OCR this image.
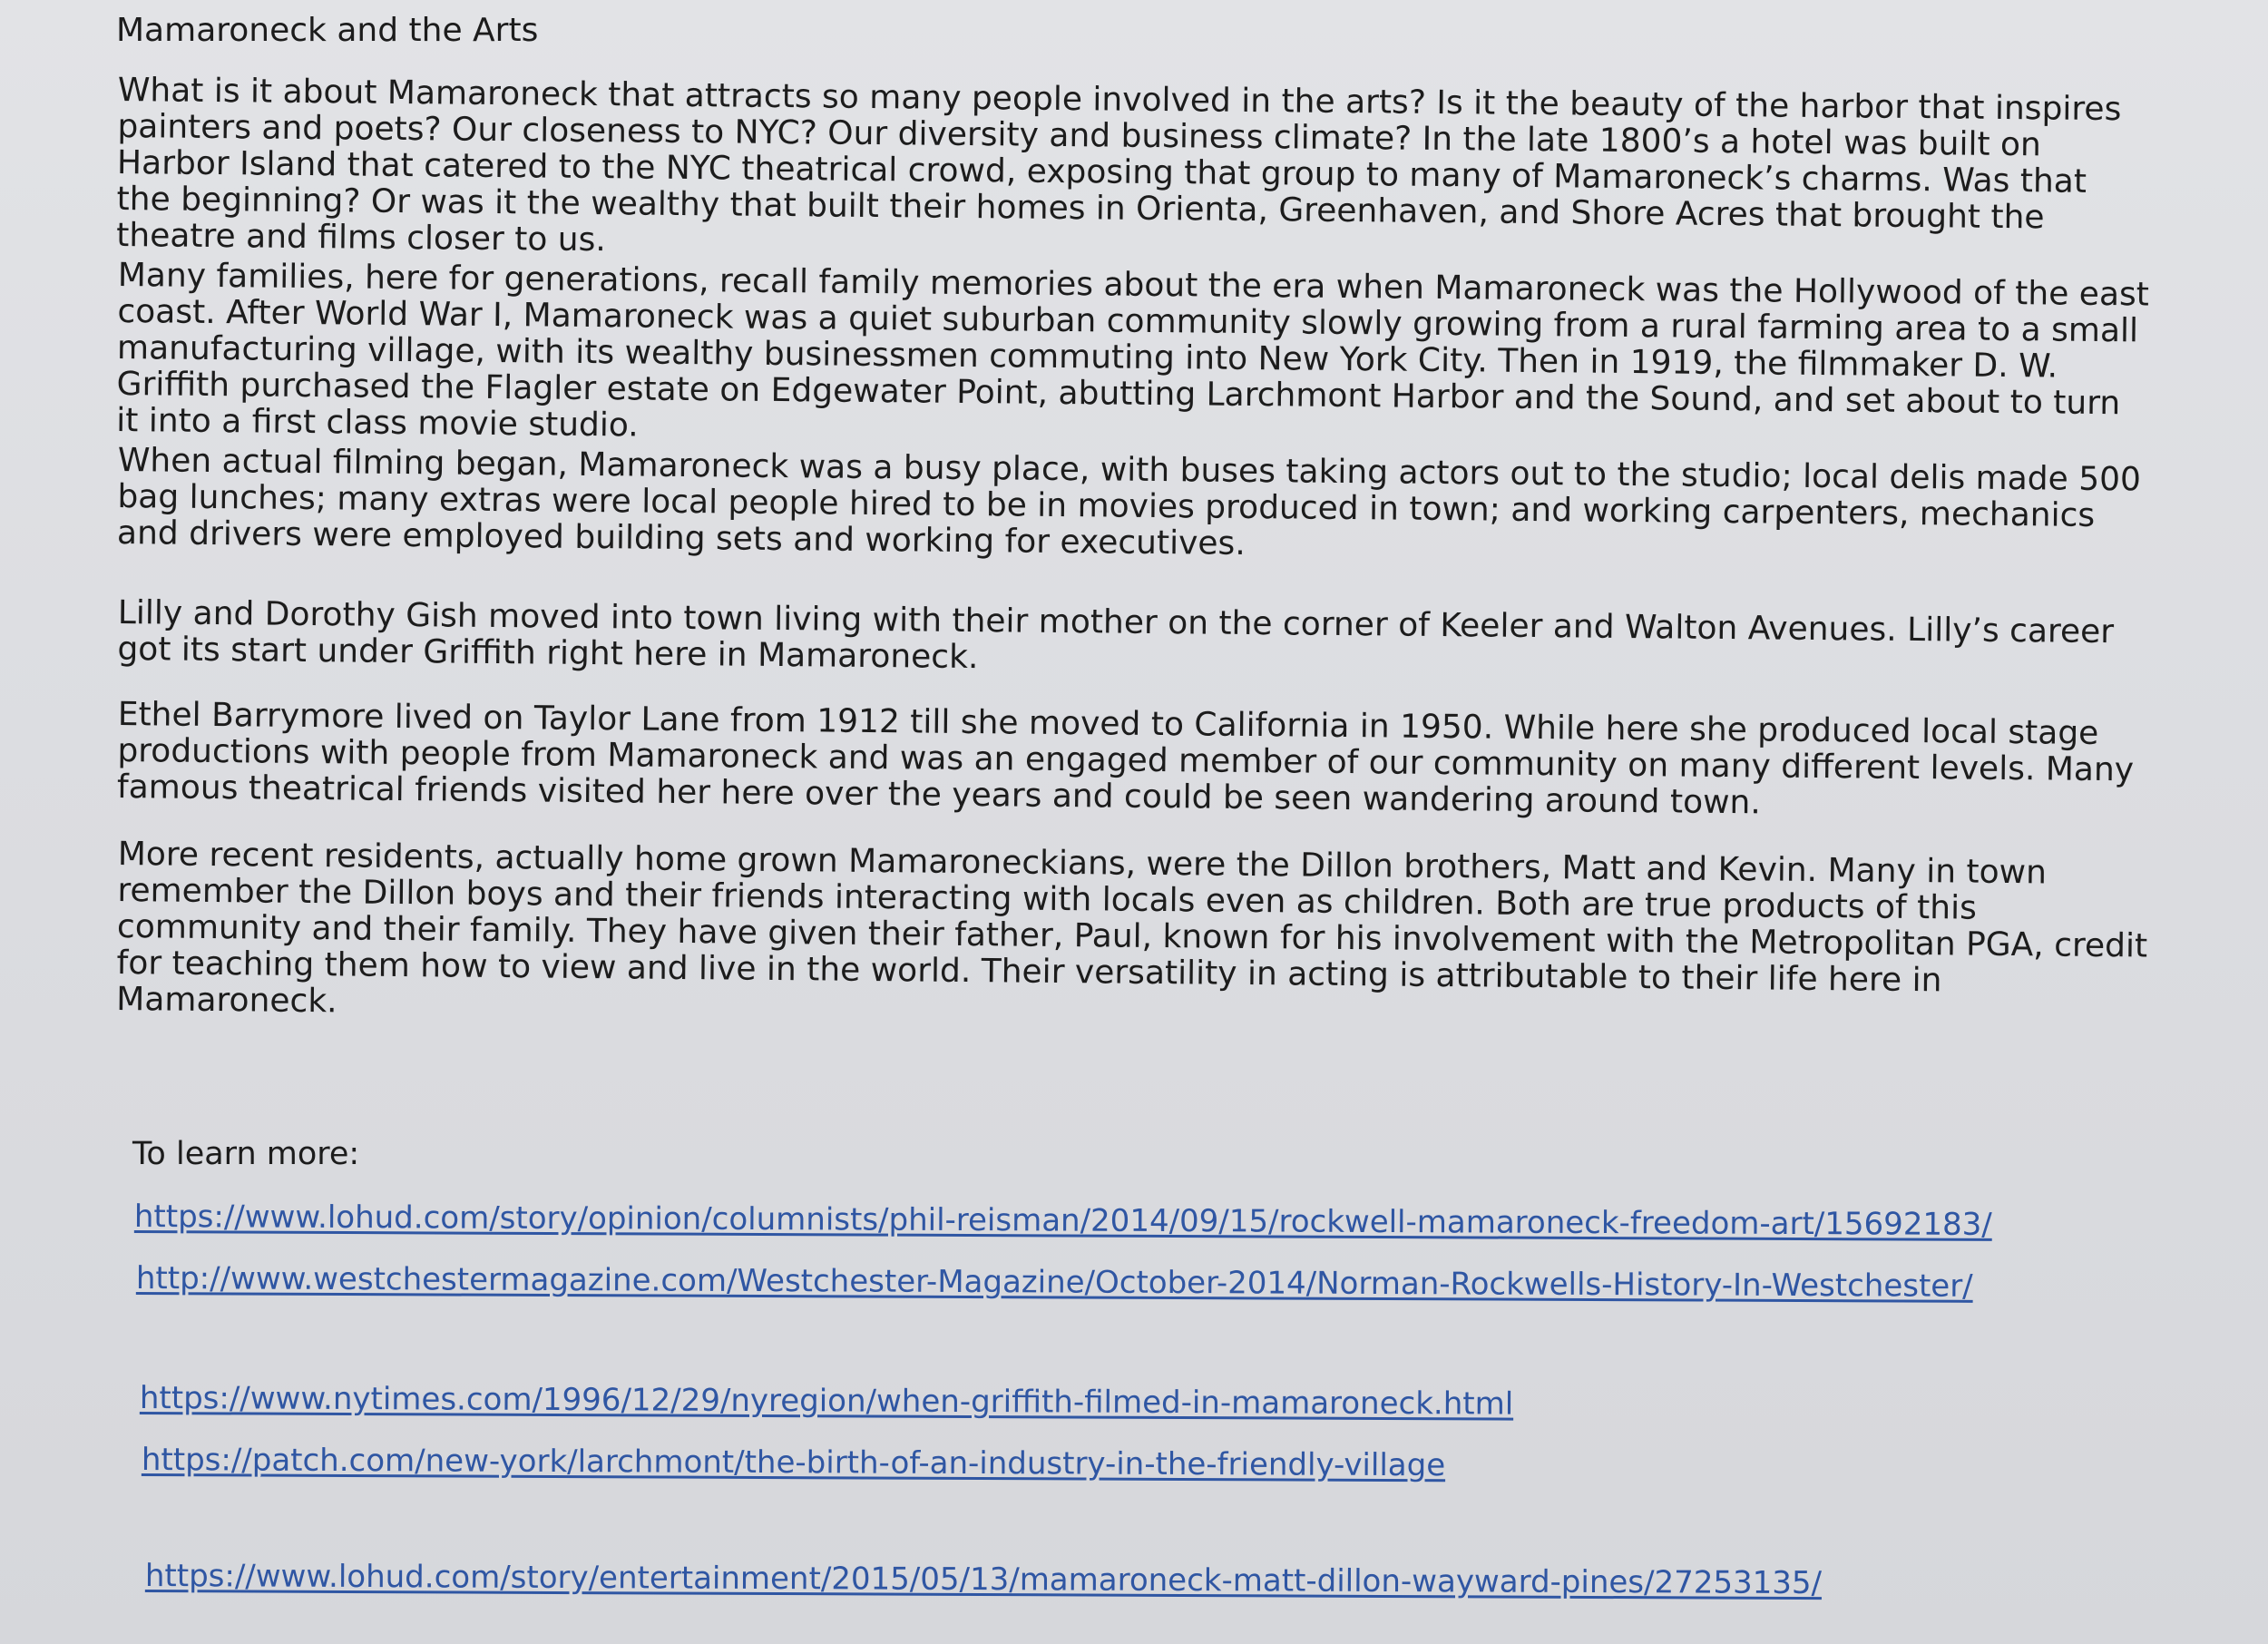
Mamaroneck and the Arts
What is it about Mamaroneck that attracts so many people involved in the arts? Is it the beauty of the harbor that inspires painters and poets? Our closeness to NYC? Our diversity and business climate? In the late 1800’s a hotel was built on Harbor Island that catered to the NYC theatrical crowd, exposing that group to many of Mamaroneck’s charms. Was that the beginning? Or was it the wealthy that built their homes in Orienta, Greenhaven, and Shore Acres that brought the theatre and films closer to us.
Many families, here for generations, recall family memories about the era when Mamaroneck was the Hollywood of the east coast. After World War I, Mamaroneck was a quiet suburban community slowly growing from a rural farming area to a small manufacturing village, with its wealthy businessmen commuting into New York City. Then in 1919, the filmmaker D. W. Griffith purchased the Flagler estate on Edgewater Point, abutting Larchmont Harbor and the Sound, and set about to turn it into a first class movie studio.
When actual filming began, Mamaroneck was a busy place, with buses taking actors out to the studio; local delis made 500 bag lunches; many extras were local people hired to be in movies produced in town; and working carpenters, mechanics and drivers were employed building sets and working for executives.
Lilly and Dorothy Gish moved into town living with their mother on the corner of Keeler and Walton Avenues. Lilly’s career got its start under Griffith right here in Mamaroneck.
Ethel Barrymore lived on Taylor Lane from 1912 till she moved to California in 1950. While here she produced local stage productions with people from Mamaroneck and was an engaged member of our community on many different levels. Many famous theatrical friends visited her here over the years and could be seen wandering around town.
More recent residents, actually home grown Mamaroneckians, were the Dillon brothers, Matt and Kevin. Many in town remember the Dillon boys and their friends interacting with locals even as children. Both are true products of this community and their family. They have given their father, Paul, known for his involvement with the Metropolitan PGA, credit for teaching them how to view and live in the world. Their versatility in acting is attributable to their life here in Mamaroneck.
To learn more:
https://www.lohud.com/story/opinion/columnists/phil-reisman/2014/09/15/rockwell-mamaroneck-freedom-art/15692183/
http://www.westchestermagazine.com/Westchester-Magazine/October-2014/Norman-Rockwells-History-In-Westchester/
https://www.nytimes.com/1996/12/29/nyregion/when-griffith-filmed-in-mamaroneck.html
https://patch.com/new-york/larchmont/the-birth-of-an-industry-in-the-friendly-village
https://www.lohud.com/story/entertainment/2015/05/13/mamaroneck-matt-dillon-wayward-pines/27253135/
